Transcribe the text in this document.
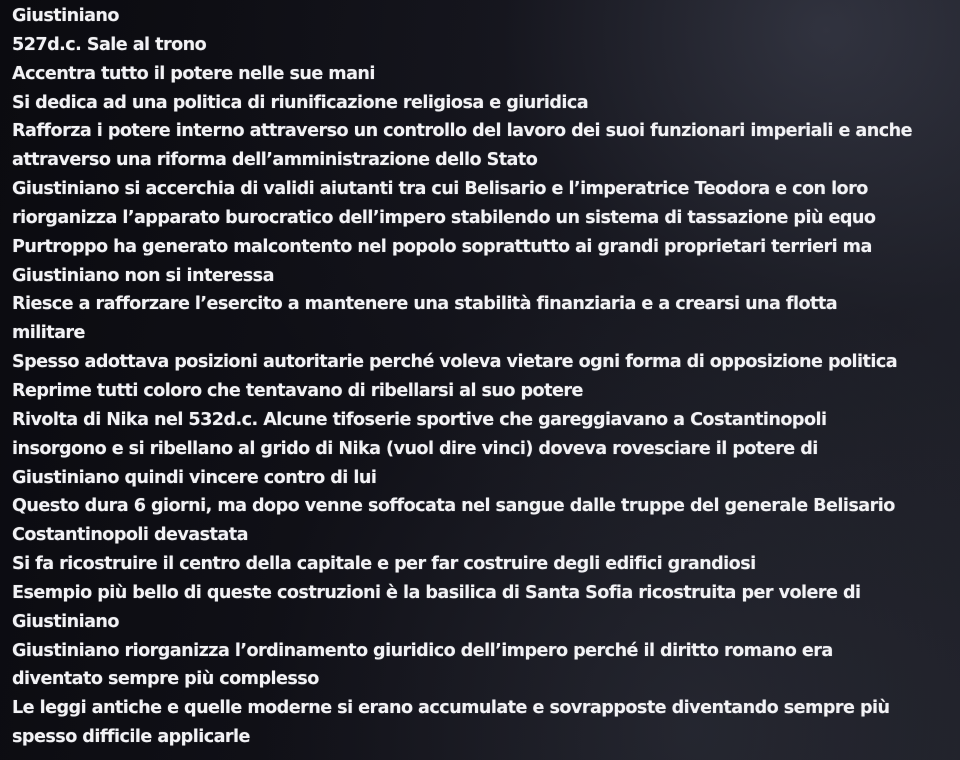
Giustiniano
527d.c. Sale al trono
Accentra tutto il potere nelle sue mani
Si dedica ad una politica di riunificazione religiosa e giuridica
Rafforza i potere interno attraverso un controllo del lavoro dei suoi funzionari imperiali e anche
attraverso una riforma dell’amministrazione dello Stato
Giustiniano si accerchia di validi aiutanti tra cui Belisario e l’imperatrice Teodora e con loro
riorganizza l’apparato burocratico dell’impero stabilendo un sistema di tassazione più equo
Purtroppo ha generato malcontento nel popolo soprattutto ai grandi proprietari terrieri ma
Giustiniano non si interessa
Riesce a rafforzare l’esercito a mantenere una stabilità finanziaria e a crearsi una flotta
militare
Spesso adottava posizioni autoritarie perché voleva vietare ogni forma di opposizione politica
Reprime tutti coloro che tentavano di ribellarsi al suo potere
Rivolta di Nika nel 532d.c. Alcune tifoserie sportive che gareggiavano a Costantinopoli
insorgono e si ribellano al grido di Nika (vuol dire vinci) doveva rovesciare il potere di
Giustiniano quindi vincere contro di lui
Questo dura 6 giorni, ma dopo venne soffocata nel sangue dalle truppe del generale Belisario
Costantinopoli devastata
Si fa ricostruire il centro della capitale e per far costruire degli edifici grandiosi
Esempio più bello di queste costruzioni è la basilica di Santa Sofia ricostruita per volere di
Giustiniano
Giustiniano riorganizza l’ordinamento giuridico dell’impero perché il diritto romano era
diventato sempre più complesso
Le leggi antiche e quelle moderne si erano accumulate e sovrapposte diventando sempre più
spesso difficile applicarle
